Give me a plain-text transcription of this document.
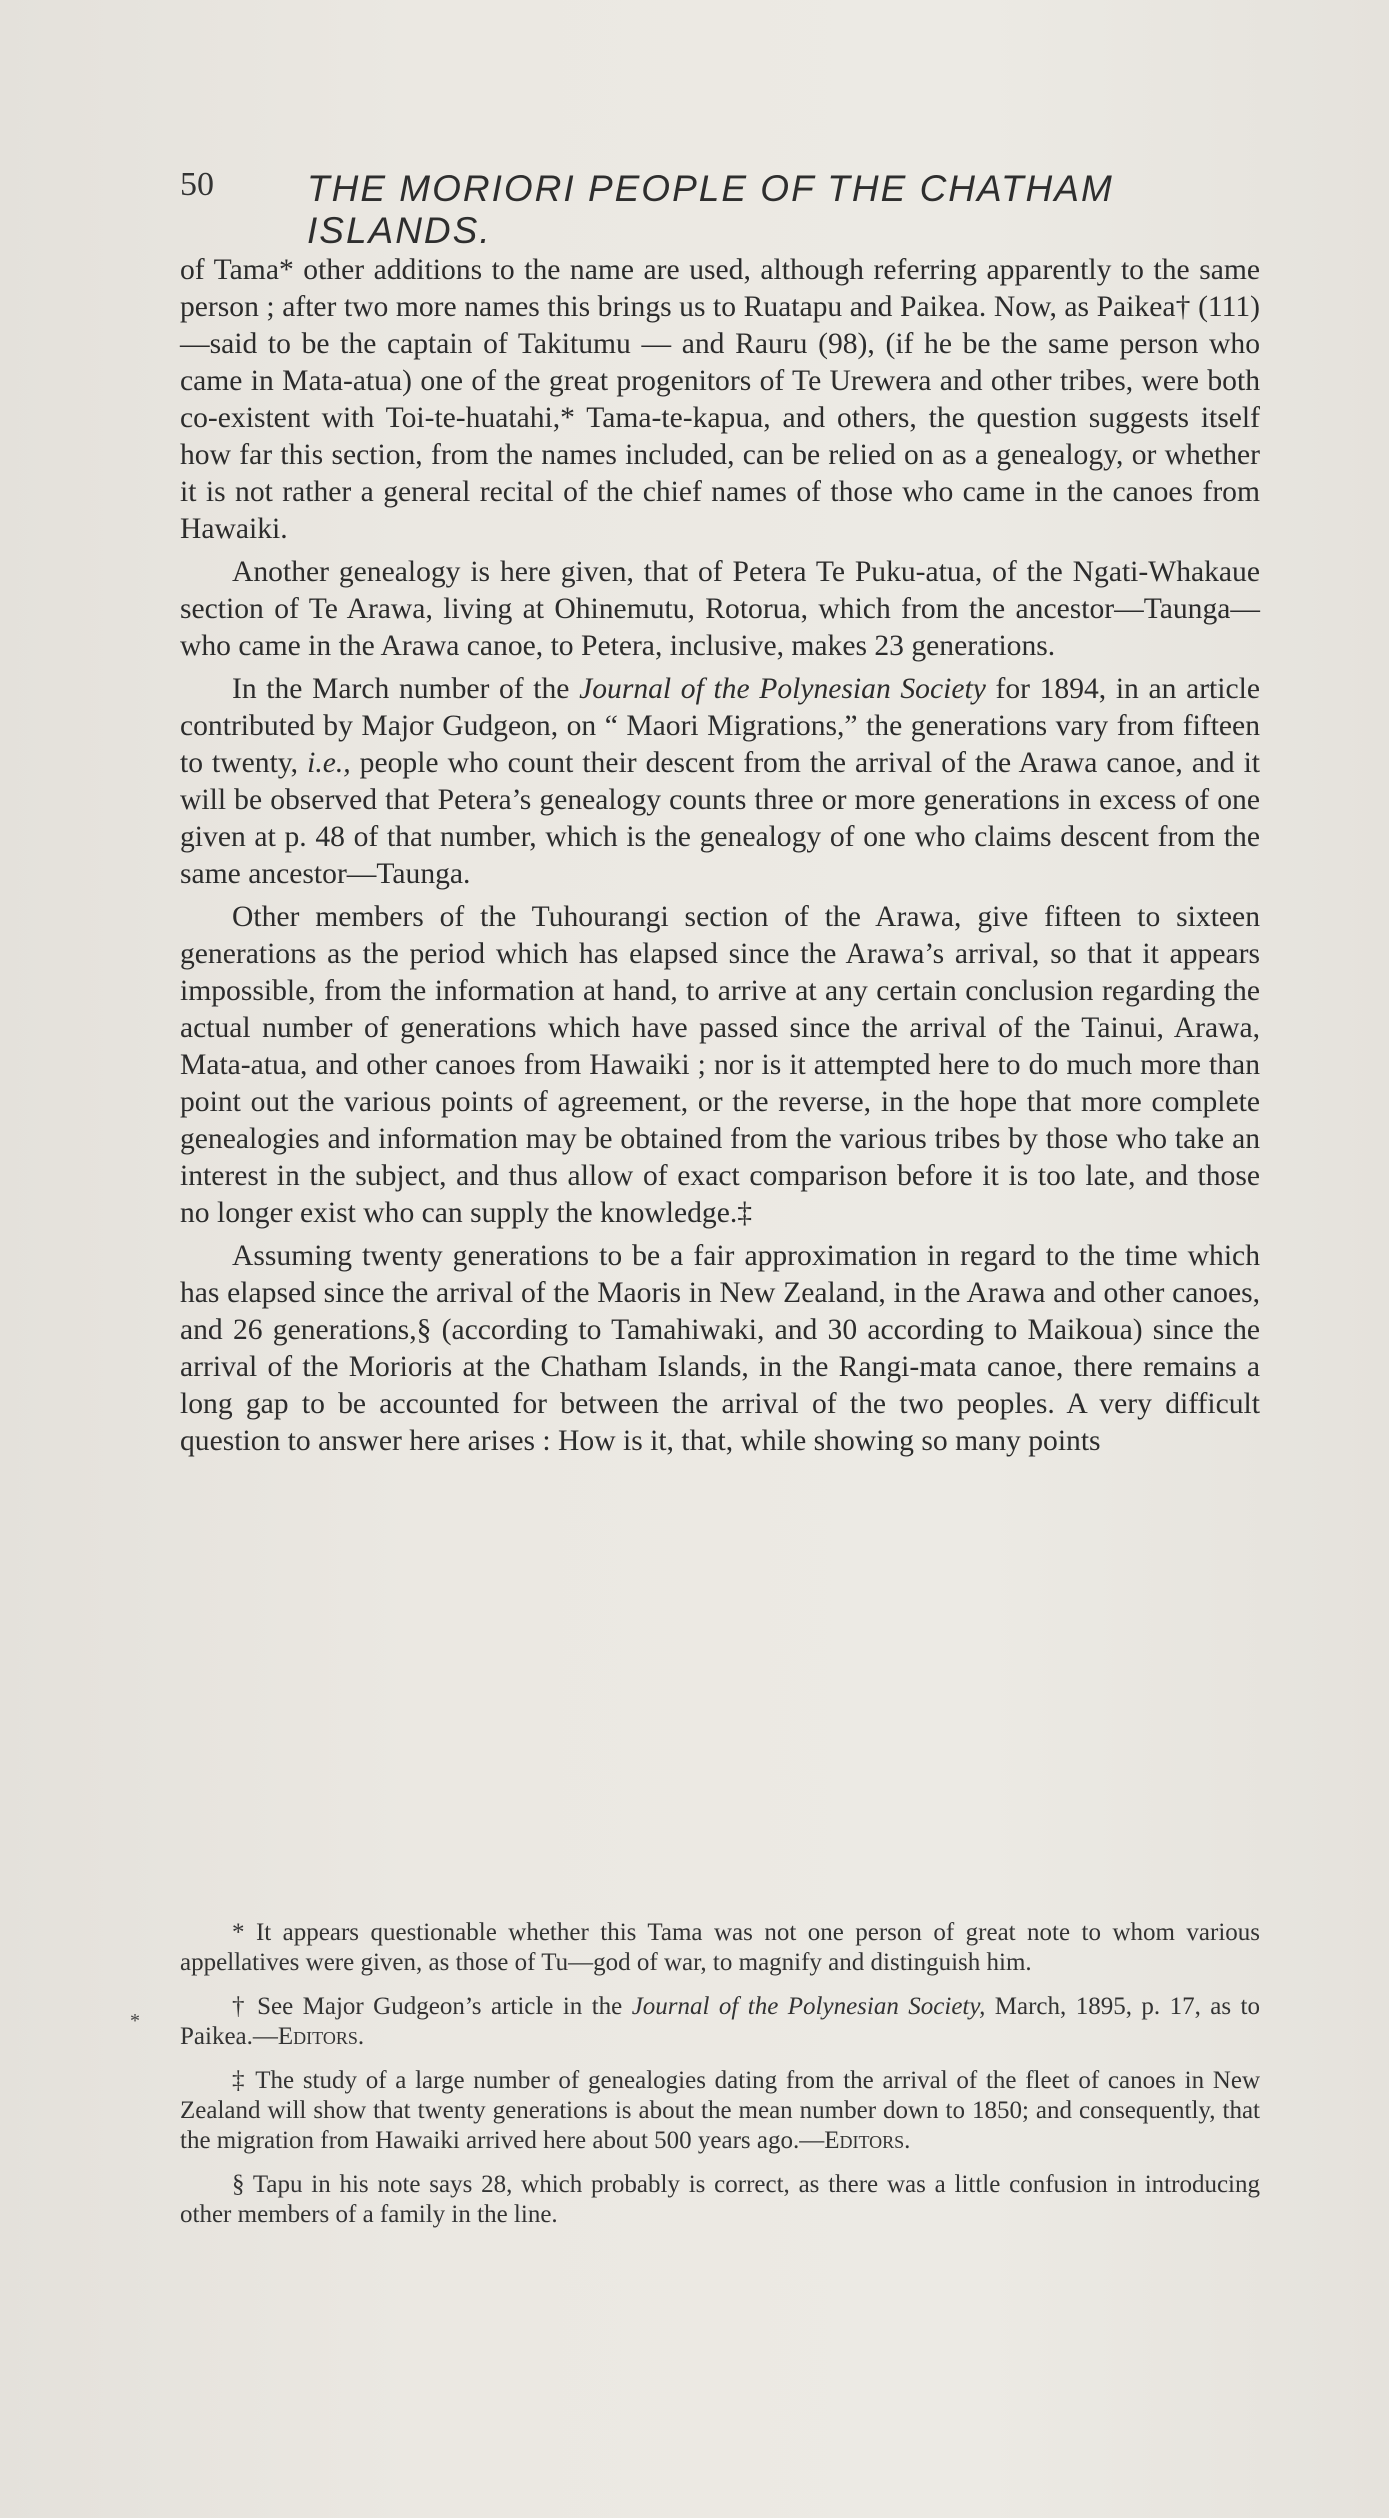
50	THE MORIORI PEOPLE OF THE CHATHAM ISLANDS.

of Tama* other additions to the name are used, although referring apparently to the same person ; after two more names this brings us to Ruatapu and Paikea. Now, as Paikea† (111)—said to be the captain of Takitumu — and Rauru (98), (if he be the same person who came in Mata-atua) one of the great progenitors of Te Urewera and other tribes, were both co-existent with Toi-te-huatahi,* Tama-te-kapua, and others, the question suggests itself how far this section, from the names included, can be relied on as a genealogy, or whether it is not rather a general recital of the chief names of those who came in the canoes from Hawaiki.

Another genealogy is here given, that of Petera Te Puku-atua, of the Ngati-Whakaue section of Te Arawa, living at Ohinemutu, Rotorua, which from the ancestor—Taunga—who came in the Arawa canoe, to Petera, inclusive, makes 23 generations.

In the March number of the Journal of the Polynesian Society for 1894, in an article contributed by Major Gudgeon, on “ Maori Migrations,” the generations vary from fifteen to twenty, i.e., people who count their descent from the arrival of the Arawa canoe, and it will be observed that Petera’s genealogy counts three or more generations in excess of one given at p. 48 of that number, which is the genealogy of one who claims descent from the same ancestor—Taunga.

Other members of the Tuhourangi section of the Arawa, give fifteen to sixteen generations as the period which has elapsed since the Arawa’s arrival, so that it appears impossible, from the information at hand, to arrive at any certain conclusion regarding the actual number of generations which have passed since the arrival of the Tainui, Arawa, Mata-atua, and other canoes from Hawaiki ; nor is it attempted here to do much more than point out the various points of agreement, or the reverse, in the hope that more complete genealogies and information may be obtained from the various tribes by those who take an interest in the subject, and thus allow of exact comparison before it is too late, and those no longer exist who can supply the knowledge.‡

Assuming twenty generations to be a fair approximation in regard to the time which has elapsed since the arrival of the Maoris in New Zealand, in the Arawa and other canoes, and 26 generations,§ (according to Tamahiwaki, and 30 according to Maikoua) since the arrival of the Morioris at the Chatham Islands, in the Rangi-mata canoe, there remains a long gap to be accounted for between the arrival of the two peoples. A very difficult question to answer here arises : How is it, that, while showing so many points

*

* It appears questionable whether this Tama was not one person of great note to whom various appellatives were given, as those of Tu—god of war, to magnify and distinguish him.

† See Major Gudgeon’s article in the Journal of the Polynesian Society, March, 1895, p. 17, as to Paikea.—Editors.

‡ The study of a large number of genealogies dating from the arrival of the fleet of canoes in New Zealand will show that twenty generations is about the mean number down to 1850; and consequently, that the migration from Hawaiki arrived here about 500 years ago.—Editors.

§ Tapu in his note says 28, which probably is correct, as there was a little confusion in introducing other members of a family in the line.
